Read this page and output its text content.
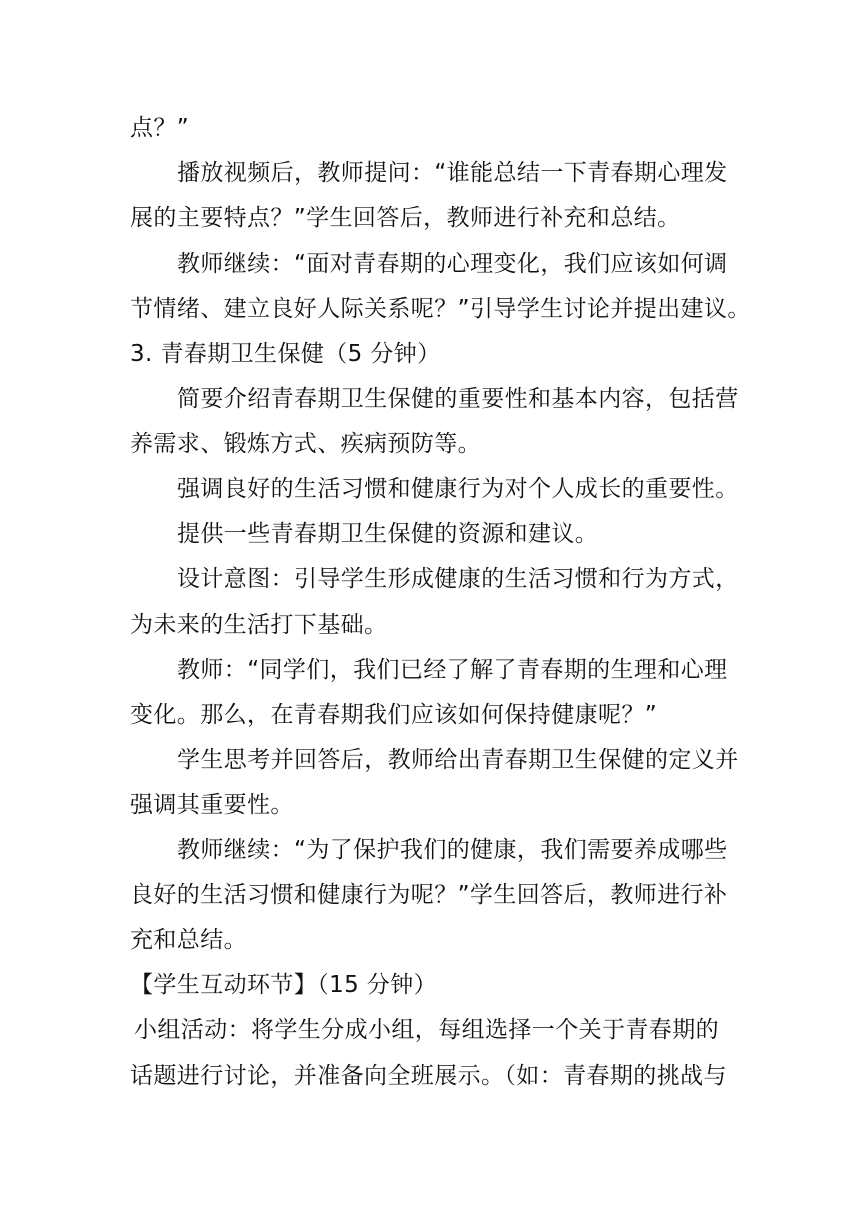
点？”
播放视频后，教师提问：“谁能总结一下青春期心理发
展的主要特点？”学生回答后，教师进行补充和总结。
教师继续：“面对青春期的心理变化，我们应该如何调
节情绪、建立良好人际关系呢？”引导学生讨论并提出建议。
3. 青春期卫生保健（5 分钟）
简要介绍青春期卫生保健的重要性和基本内容，包括营
养需求、锻炼方式、疾病预防等。
强调良好的生活习惯和健康行为对个人成长的重要性。
提供一些青春期卫生保健的资源和建议。
设计意图：引导学生形成健康的生活习惯和行为方式，
为未来的生活打下基础。
教师：“同学们，我们已经了解了青春期的生理和心理
变化。那么，在青春期我们应该如何保持健康呢？”
学生思考并回答后，教师给出青春期卫生保健的定义并
强调其重要性。
教师继续：“为了保护我们的健康，我们需要养成哪些
良好的生活习惯和健康行为呢？”学生回答后，教师进行补
充和总结。
【学生互动环节】（15 分钟）
小组活动：将学生分成小组，每组选择一个关于青春期的
话题进行讨论，并准备向全班展示。（如：青春期的挑战与
